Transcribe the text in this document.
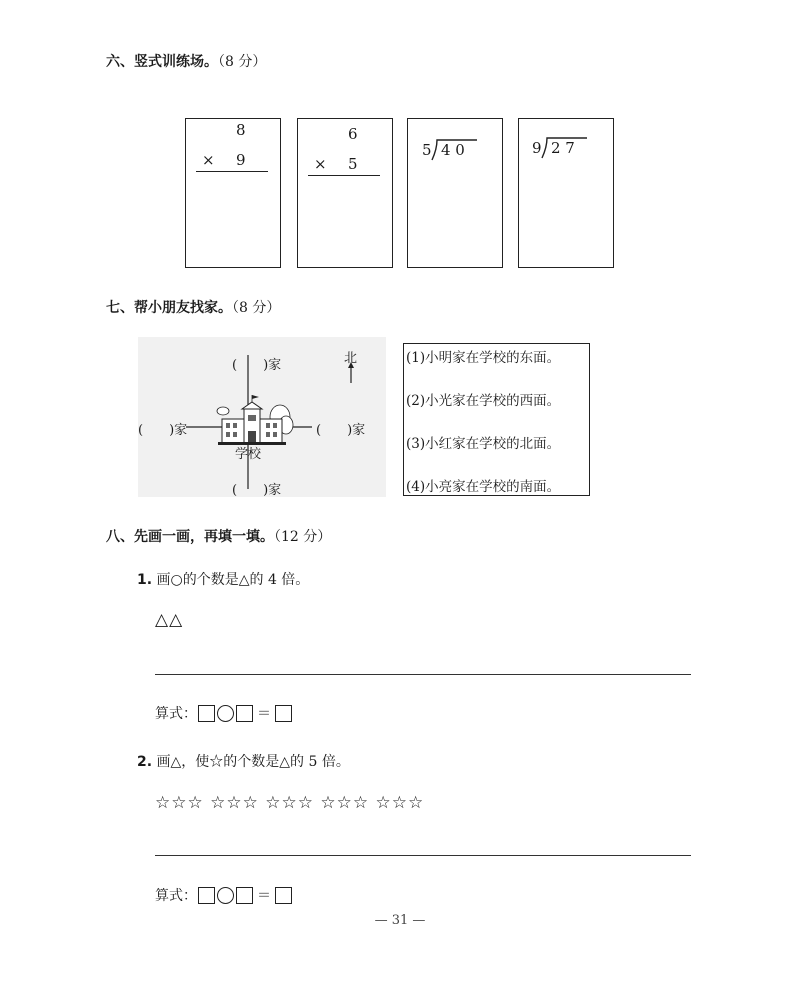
六、竖式训练场。（8 分）
8
× 9
6
× 5
5 4 0	9 2 7
七、帮小朋友找家。（8 分）
北
学校
(　　)家
(　　)家	(　　)家
(　　)家
(1)小明家在学校的东面。
(2)小光家在学校的西面。
(3)小红家在学校的北面。
(4)小亮家在学校的南面。
八、先画一画，再填一填。（12 分）
1. 画○的个数是△的 4 倍。
△△
算式：	＝
2. 画△，使☆的个数是△的 5 倍。
☆☆☆ ☆☆☆ ☆☆☆ ☆☆☆ ☆☆☆
算式：	＝
— 31 —
